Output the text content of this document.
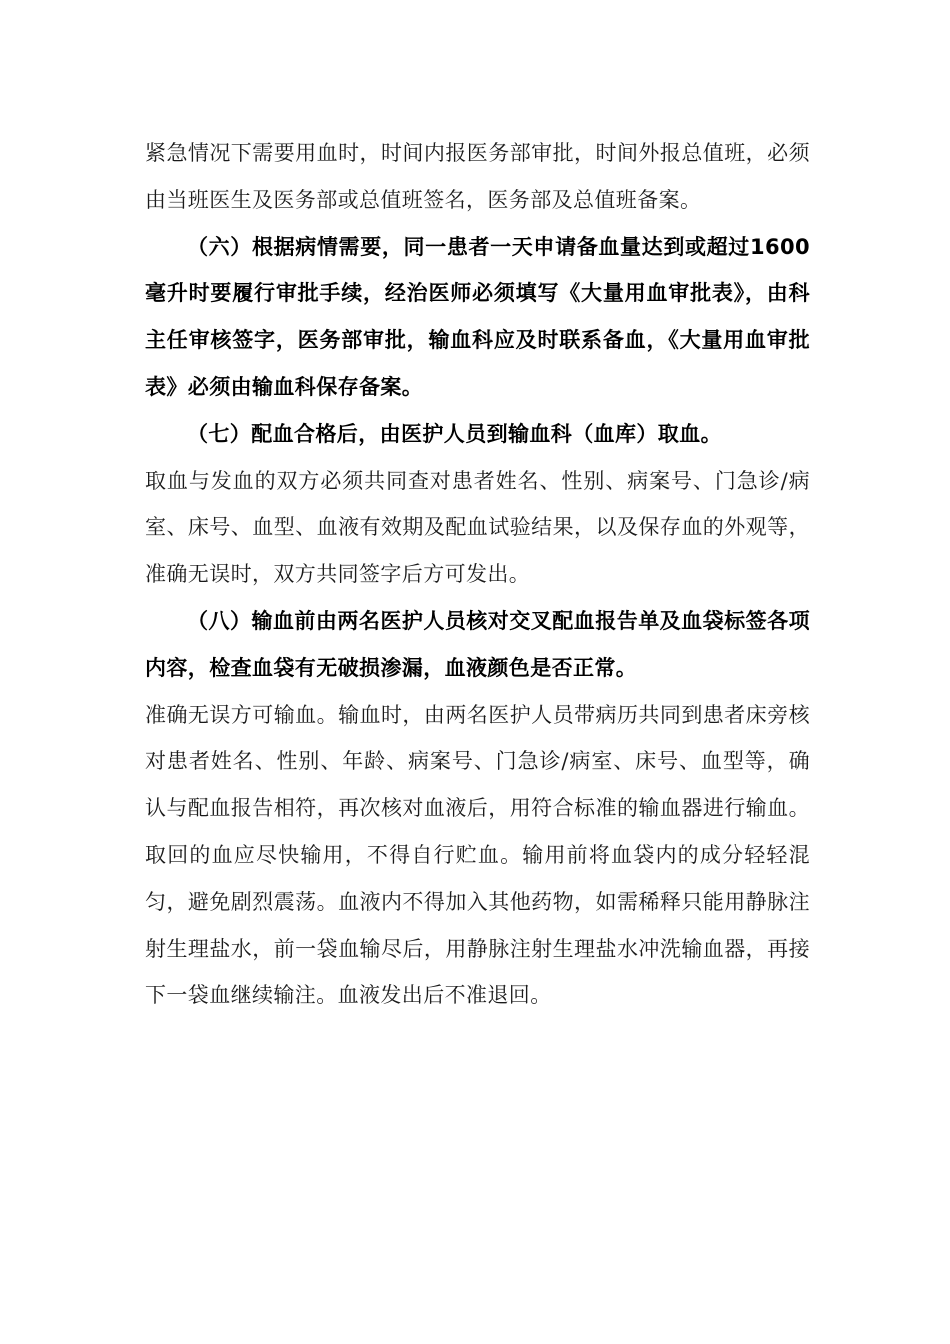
紧急情况下需要用血时，时间内报医务部审批，时间外报总值班，必须由当班医生及医务部或总值班签名，医务部及总值班备案。

（六）根据病情需要，同一患者一天申请备血量达到或超过1600毫升时要履行审批手续，经治医师必须填写《大量用血审批表》，由科主任审核签字，医务部审批，输血科应及时联系备血，《大量用血审批表》必须由输血科保存备案。

（七）配血合格后，由医护人员到输血科（血库）取血。

取血与发血的双方必须共同查对患者姓名、性别、病案号、门急诊/病室、床号、血型、血液有效期及配血试验结果，以及保存血的外观等，准确无误时，双方共同签字后方可发出。

（八）输血前由两名医护人员核对交叉配血报告单及血袋标签各项内容，检查血袋有无破损渗漏，血液颜色是否正常。

准确无误方可输血。输血时，由两名医护人员带病历共同到患者床旁核对患者姓名、性别、年龄、病案号、门急诊/病室、床号、血型等，确认与配血报告相符，再次核对血液后，用符合标准的输血器进行输血。取回的血应尽快输用，不得自行贮血。输用前将血袋内的成分轻轻混匀，避免剧烈震荡。血液内不得加入其他药物，如需稀释只能用静脉注射生理盐水，前一袋血输尽后，用静脉注射生理盐水冲洗输血器，再接下一袋血继续输注。血液发出后不准退回。
